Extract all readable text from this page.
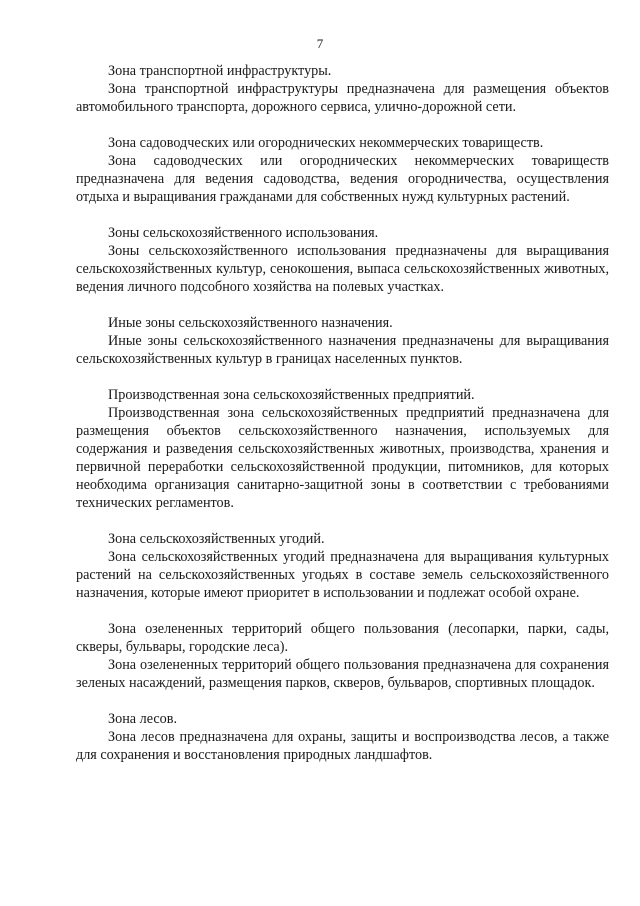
7

Зона транспортной инфраструктуры.

Зона транспортной инфраструктуры предназначена для размещения объектов автомобильного транспорта, дорожного сервиса, улично-дорожной сети.

Зона садоводческих или огороднических некоммерческих товариществ.

Зона садоводческих или огороднических некоммерческих товариществ предназначена для ведения садоводства, ведения огородничества, осуществления отдыха и выращивания гражданами для собственных нужд культурных растений.

Зоны сельскохозяйственного использования.

Зоны сельскохозяйственного использования предназначены для выращивания сельскохозяйственных культур, сенокошения, выпаса сельскохозяйственных животных, ведения личного подсобного хозяйства на полевых участках.

Иные зоны сельскохозяйственного назначения.

Иные зоны сельскохозяйственного назначения предназначены для выращивания сельскохозяйственных культур в границах населенных пунктов.

Производственная зона сельскохозяйственных предприятий.

Производственная зона сельскохозяйственных предприятий предназначена для размещения объектов сельскохозяйственного назначения, используемых для содержания и разведения сельскохозяйственных животных, производства, хранения и первичной переработки сельскохозяйственной продукции, питомников, для которых необходима организация санитарно-защитной зоны в соответствии с требованиями технических регламентов.

Зона сельскохозяйственных угодий.

Зона сельскохозяйственных угодий предназначена для выращивания культурных растений на сельскохозяйственных угодьях в составе земель сельскохозяйственного назначения, которые имеют приоритет в использовании и подлежат особой охране.

Зона озелененных территорий общего пользования (лесопарки, парки, сады, скверы, бульвары, городские леса).

Зона озелененных территорий общего пользования предназначена для сохранения зеленых насаждений, размещения парков, скверов, бульваров, спортивных площадок.

Зона лесов.

Зона лесов предназначена для охраны, защиты и воспроизводства лесов, а также для сохранения и восстановления природных ландшафтов.
